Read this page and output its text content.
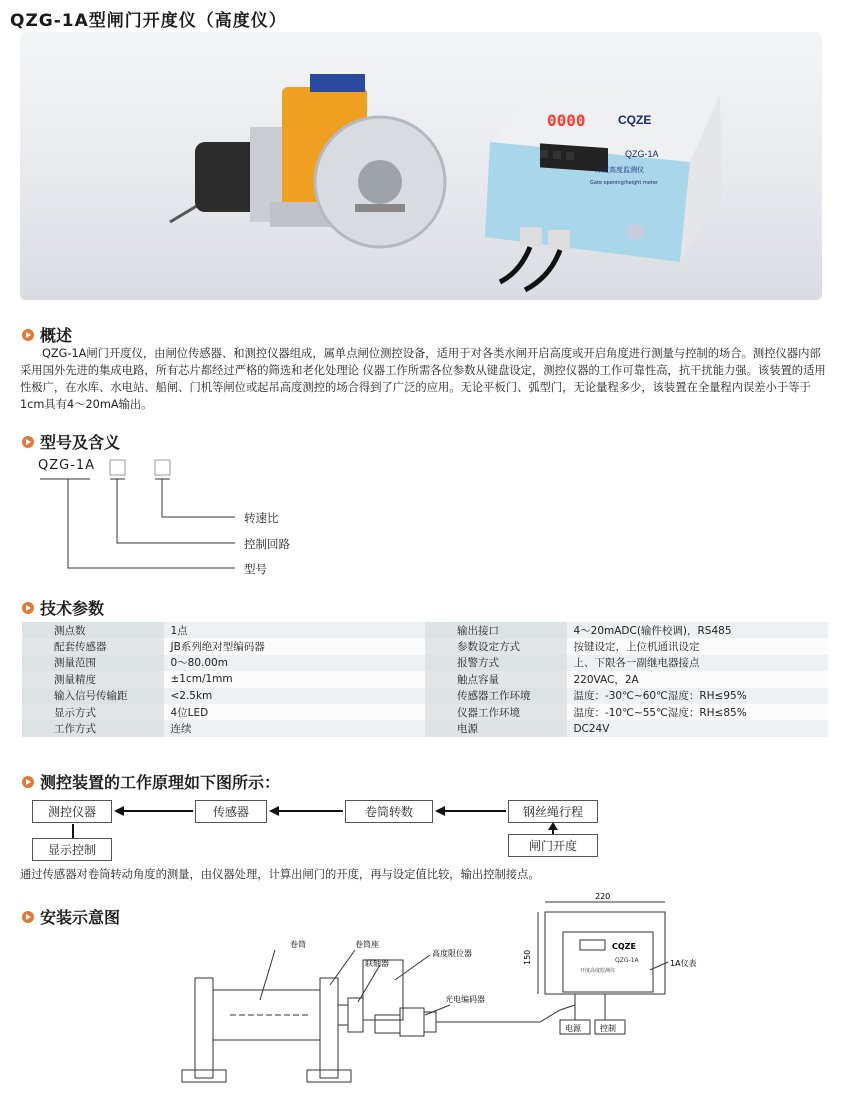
QZG-1A型闸门开度仪（高度仪）
0000	CQZE
QZG-1A
开度高度监测仪
Gate opening/height meter
概述
QZG-1A闸门开度仪，由闸位传感器、和测控仪器组成，属单点闸位测控设备，适用于对各类水闸开启高度或开启角度进行测量与控制的场合。测控仪器内部采用国外先进的集成电路，所有芯片都经过严格的筛选和老化处理论 仪器工作所需各位参数从键盘设定，测控仪器的工作可靠性高，抗干扰能力强。该装置的适用性极广，在水库、水电站、船闸、门机等闸位或起吊高度测控的场合得到了广泛的应用。无论平板门、弧型门，无论量程多少，该装置在全量程内误差小于等于1cm具有4～20mA输出。
型号及含义
QZG-1A
转速比
控制回路
型号
技术参数
测点数	1点	输出接口	4～20mADC(输件校调)，RS485
配套传感器	JB系列绝对型编码器	参数设定方式	按键设定，上位机通讯设定
测量范围	0～80.00m	报警方式	上、下限各一副继电器接点
测量精度	±1cm/1mm	触点容量	220VAC，2A
输入信号传输距	<2.5km	传感器工作环境	温度：-30℃~60℃湿度：RH≤95%
显示方式	4位LED	仪器工作环境	温度：-10℃~55℃湿度：RH≤85%
工作方式	连续	电源	DC24V
测控装置的工作原理如下图所示：
测控仪器	传感器	卷筒转数	钢丝绳行程
显示控制	闸门开度
通过传感器对卷筒转动角度的测量，由仪器处理，计算出闸门的开度，再与设定值比较，输出控制接点。
安装示意图
卷筒	卷筒座
联轴器
高度限位器
光电编码器
220
150
CQZE
QZG-1A
开度高度监测仪
1A仪表
电源 控制
